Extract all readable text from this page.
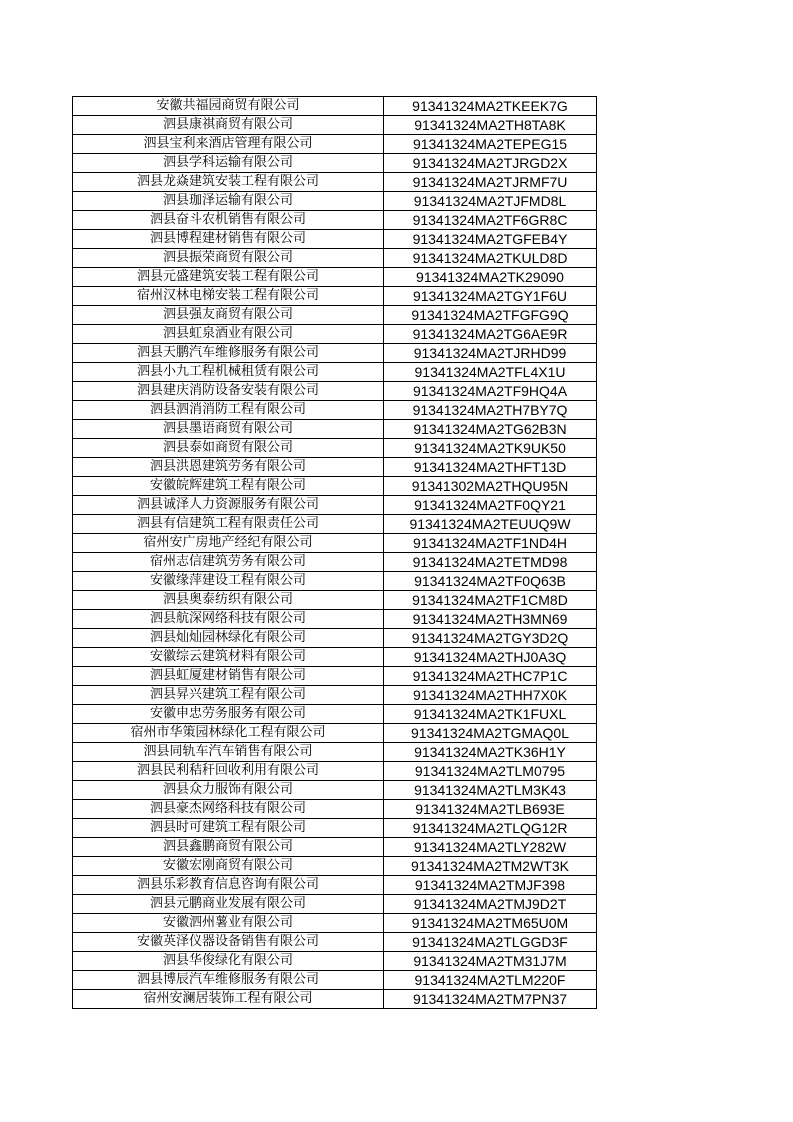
安徽共福园商贸有限公司	91341324MA2TKEEK7G
泗县康祺商贸有限公司	91341324MA2TH8TA8K
泗县宝利来酒店管理有限公司	91341324MA2TEPEG15
泗县学科运输有限公司	91341324MA2TJRGD2X
泗县龙焱建筑安装工程有限公司	91341324MA2TJRMF7U
泗县珈泽运输有限公司	91341324MA2TJFMD8L
泗县奋斗农机销售有限公司	91341324MA2TF6GR8C
泗县博程建材销售有限公司	91341324MA2TGFEB4Y
泗县振荣商贸有限公司	91341324MA2TKULD8D
泗县元盛建筑安装工程有限公司	91341324MA2TK29090
宿州汉林电梯安装工程有限公司	91341324MA2TGY1F6U
泗县强友商贸有限公司	91341324MA2TFGFG9Q
泗县虹泉酒业有限公司	91341324MA2TG6AE9R
泗县天鹏汽车维修服务有限公司	91341324MA2TJRHD99
泗县小九工程机械租赁有限公司	91341324MA2TFL4X1U
泗县建庆消防设备安装有限公司	91341324MA2TF9HQ4A
泗县泗消消防工程有限公司	91341324MA2TH7BY7Q
泗县墨语商贸有限公司	91341324MA2TG62B3N
泗县泰如商贸有限公司	91341324MA2TK9UK50
泗县洪恩建筑劳务有限公司	91341324MA2THFT13D
安徽皖辉建筑工程有限公司	91341302MA2THQU95N
泗县诚泽人力资源服务有限公司	91341324MA2TF0QY21
泗县有信建筑工程有限责任公司	91341324MA2TEUUQ9W
宿州安广房地产经纪有限公司	91341324MA2TF1ND4H
宿州志信建筑劳务有限公司	91341324MA2TETMD98
安徽缘萍建设工程有限公司	91341324MA2TF0Q63B
泗县奥泰纺织有限公司	91341324MA2TF1CM8D
泗县航深网络科技有限公司	91341324MA2TH3MN69
泗县灿灿园林绿化有限公司	91341324MA2TGY3D2Q
安徽综云建筑材料有限公司	91341324MA2THJ0A3Q
泗县虹厦建材销售有限公司	91341324MA2THC7P1C
泗县昇兴建筑工程有限公司	91341324MA2THH7X0K
安徽申忠劳务服务有限公司	91341324MA2TK1FUXL
宿州市华策园林绿化工程有限公司	91341324MA2TGMAQ0L
泗县同轨车汽车销售有限公司	91341324MA2TK36H1Y
泗县民利秸秆回收利用有限公司	91341324MA2TLM0795
泗县众力服饰有限公司	91341324MA2TLM3K43
泗县豪杰网络科技有限公司	91341324MA2TLB693E
泗县时可建筑工程有限公司	91341324MA2TLQG12R
泗县鑫鹏商贸有限公司	91341324MA2TLY282W
安徽宏刚商贸有限公司	91341324MA2TM2WT3K
泗县乐彩教育信息咨询有限公司	91341324MA2TMJF398
泗县元鹏商业发展有限公司	91341324MA2TMJ9D2T
安徽泗州薯业有限公司	91341324MA2TM65U0M
安徽英泽仪器设备销售有限公司	91341324MA2TLGGD3F
泗县华俊绿化有限公司	91341324MA2TM31J7M
泗县博辰汽车维修服务有限公司	91341324MA2TLM220F
宿州安澜居装饰工程有限公司	91341324MA2TM7PN37
